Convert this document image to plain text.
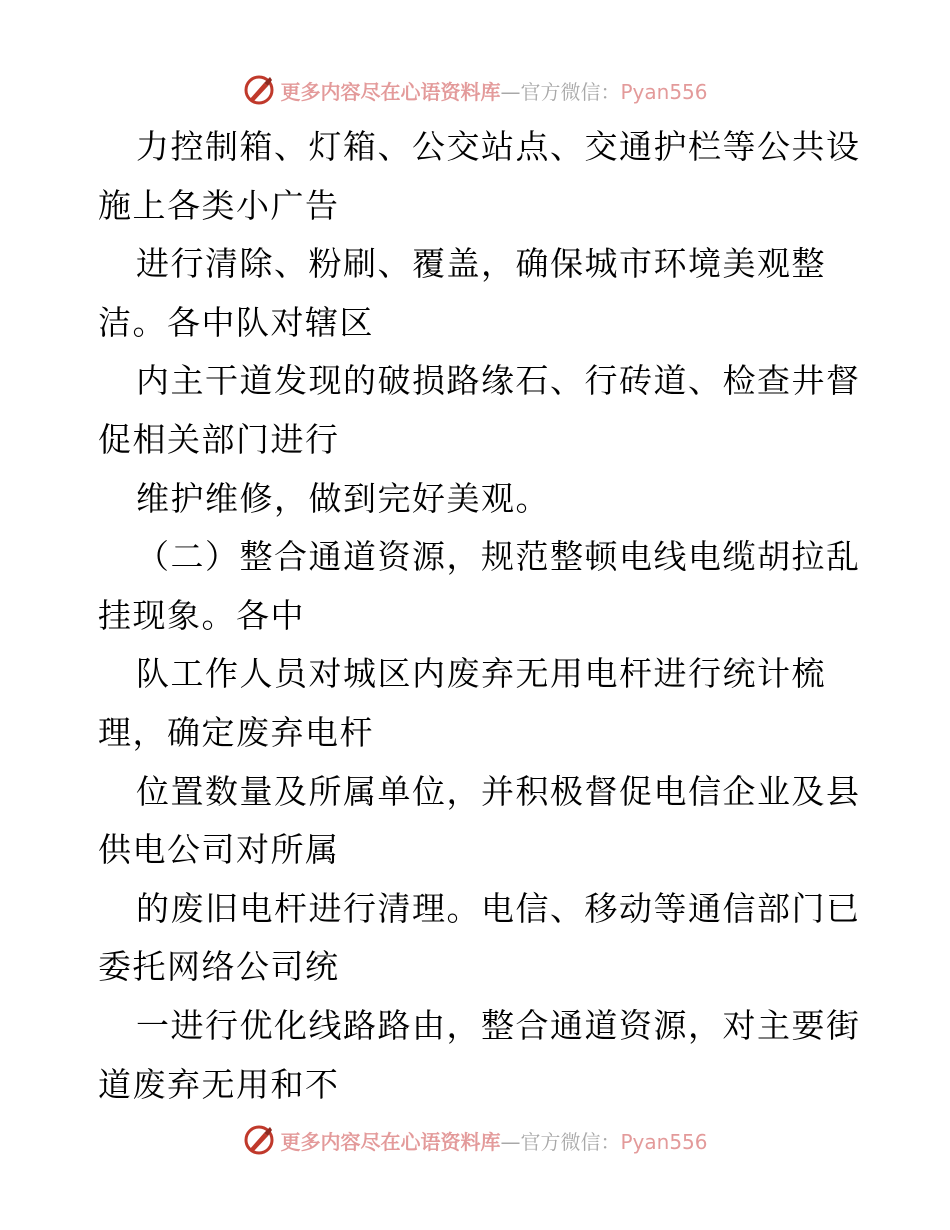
更多内容尽在心语资料库—官方微信：Pyan556
力控制箱、灯箱、公交站点、交通护栏等公共设
施上各类小广告
进行清除、粉刷、覆盖，确保城市环境美观整
洁。各中队对辖区
内主干道发现的破损路缘石、行砖道、检查井督
促相关部门进行
维护维修，做到完好美观。
（二）整合通道资源，规范整顿电线电缆胡拉乱
挂现象。各中
队工作人员对城区内废弃无用电杆进行统计梳
理，确定废弃电杆
位置数量及所属单位，并积极督促电信企业及县
供电公司对所属
的废旧电杆进行清理。电信、移动等通信部门已
委托网络公司统
一进行优化线路路由，整合通道资源，对主要街
道废弃无用和不
更多内容尽在心语资料库—官方微信：Pyan556
